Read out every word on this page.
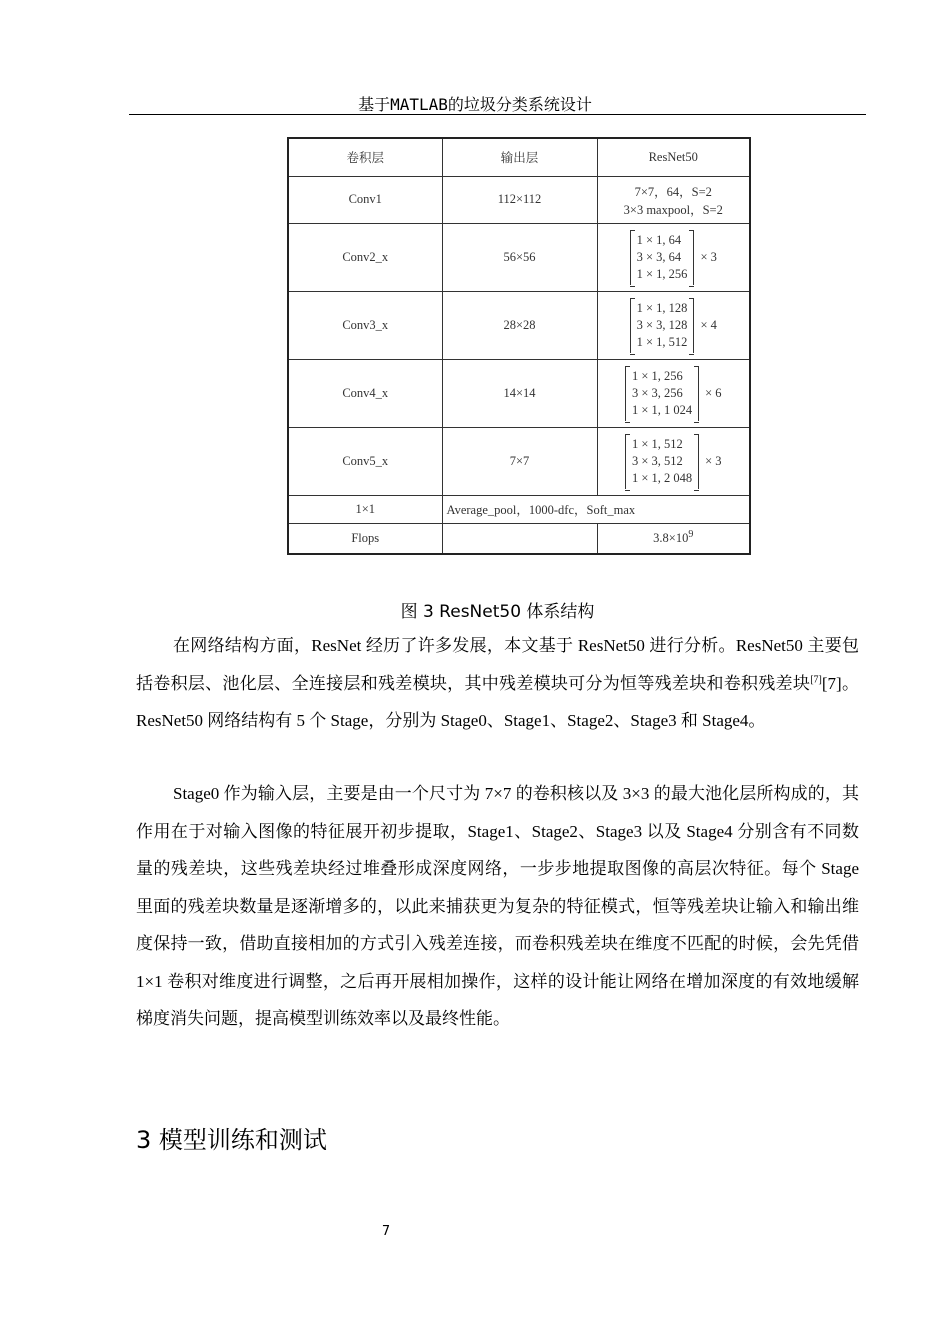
基于MATLAB的垃圾分类系统设计
卷积层	输出层	ResNet50
Conv1	112×112	7×7，64，S=2
3×3 maxpool，S=2

Conv2_x	56×56	1 × 1, 64
3 × 3, 64
1 × 1, 256
× 3

Conv3_x	28×28	1 × 1, 128
3 × 3, 128
1 × 1, 512
× 4

Conv4_x	14×14	1 × 1, 256
3 × 3, 256
1 × 1, 1 024
× 6

Conv5_x	7×7	1 × 1, 512
3 × 3, 512
1 × 1, 2 048
× 3

1×1	Average_pool，1000-dfc，Soft_max	
Flops		$3.8\times 10^9$
图 3 ResNet50 体系结构

在网络结构方面，ResNet 经历了许多发展，本文基于 ResNet50 进行分析。ResNet50 主要包括卷积层、池化层、全连接层和残差模块，其中残差模块可分为恒等残差块和卷积残差块[7][7]。ResNet50 网络结构有 5 个 Stage，分别为 Stage0、Stage1、Stage2、Stage3 和 Stage4。

Stage0 作为输入层，主要是由一个尺寸为 7×7 的卷积核以及 3×3 的最大池化层所构成的，其作用在于对输入图像的特征展开初步提取，Stage1、Stage2、Stage3 以及 Stage4 分别含有不同数量的残差块，这些残差块经过堆叠形成深度网络，一步步地提取图像的高层次特征。每个 Stage 里面的残差块数量是逐渐增多的，以此来捕获更为复杂的特征模式，恒等残差块让输入和输出维度保持一致，借助直接相加的方式引入残差连接，而卷积残差块在维度不匹配的时候，会先凭借 1×1 卷积对维度进行调整，之后再开展相加操作，这样的设计能让网络在增加深度的有效地缓解梯度消失问题，提高模型训练效率以及最终性能。

3 模型训练和测试
7
